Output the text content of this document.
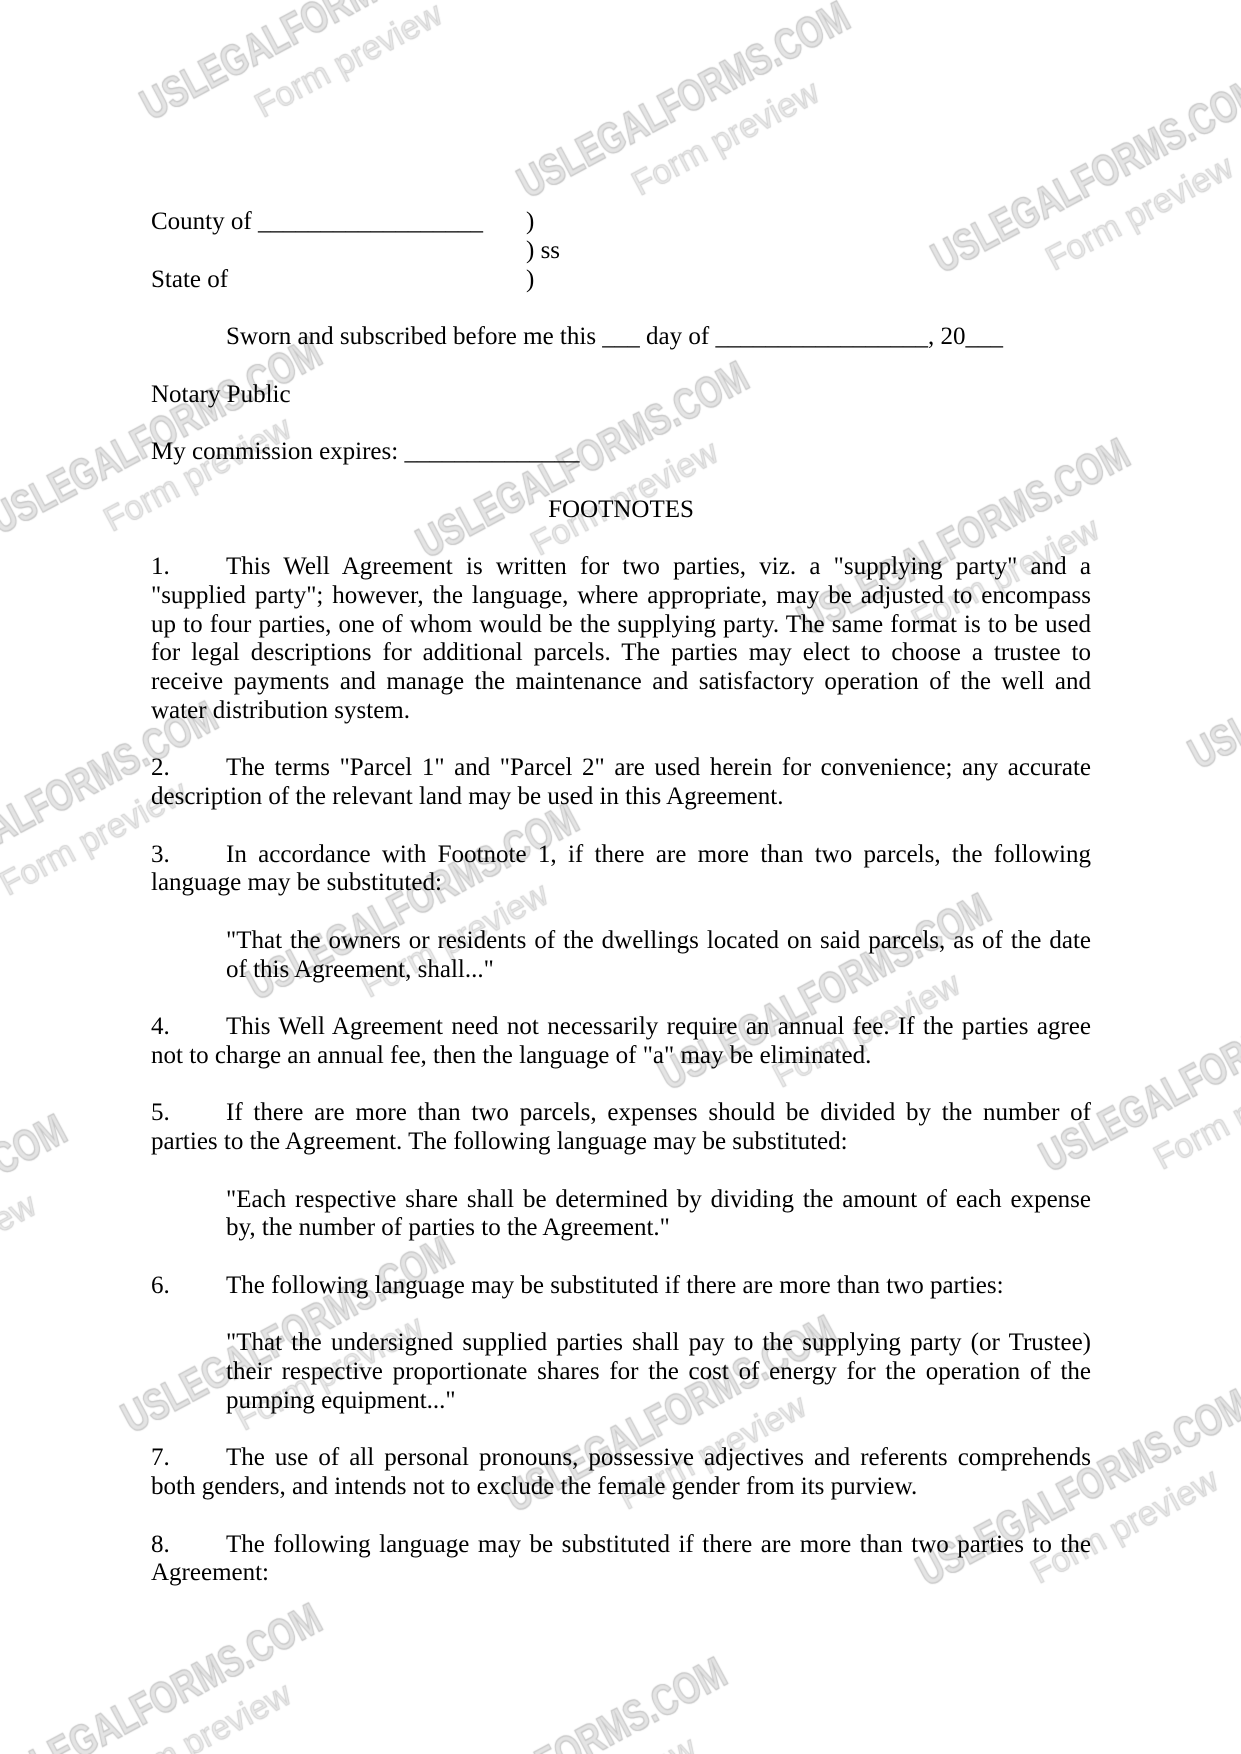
County of __________________ )
) ss
State of	)
Sworn and subscribed before me this ___ day of _________________, 20___
Notary Public
My commission expires: ______________
FOOTNOTES

1. This Well Agreement is written for two parties, viz. a "supplying party" and a "supplied party"; however, the language, where appropriate, may be adjusted to encompass up to four parties, one of whom would be the supplying party. The same format is to be used for legal descriptions for additional parcels. The parties may elect to choose a trustee to receive payments and manage the maintenance and satisfactory operation of the well and water distribution system.

2. The terms "Parcel 1" and "Parcel 2" are used herein for convenience; any accurate description of the relevant land may be used in this Agreement.

3. In accordance with Footnote 1, if there are more than two parcels, the following language may be substituted:

"That the owners or residents of the dwellings located on said parcels, as of the date of this Agreement, shall..."

4. This Well Agreement need not necessarily require an annual fee. If the parties agree not to charge an annual fee, then the language of "a" may be eliminated.

5. If there are more than two parcels, expenses should be divided by the number of parties to the Agreement. The following language may be substituted:

"Each respective share shall be determined by dividing the amount of each expense by, the number of parties to the Agreement."

6. The following language may be substituted if there are more than two parties:

"That the undersigned supplied parties shall pay to the supplying party (or Trustee) their respective proportionate shares for the cost of energy for the operation of the pumping equipment..."

7. The use of all personal pronouns, possessive adjectives and referents comprehends both genders, and intends not to exclude the female gender from its purview.

8. The following language may be substituted if there are more than two parties to the Agreement:
